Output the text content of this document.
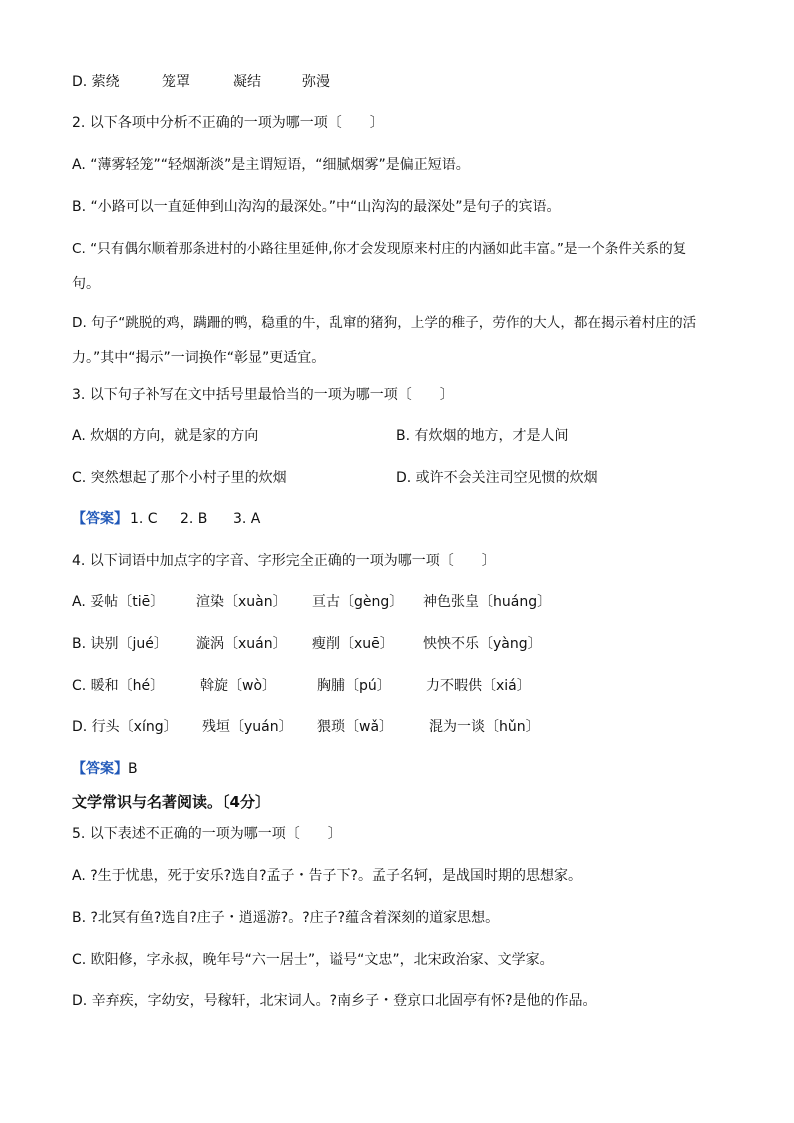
D. 萦绕	笼罩	凝结	弥漫
2. 以下各项中分析不正确的一项为哪一项〔　　〕
A. “薄雾轻笼”“轻烟渐淡”是主谓短语，“细腻烟雾”是偏正短语。
B. “小路可以一直延伸到山沟沟的最深处。”中“山沟沟的最深处”是句子的宾语。
C. “只有偶尔顺着那条进村的小路往里延伸,你才会发现原来村庄的内涵如此丰富。”是一个条件关系的复
句。
D. 句子“跳脱的鸡，蹒跚的鸭，稳重的牛，乱窜的猪狗，上学的稚子，劳作的大人，都在揭示着村庄的活
力。”其中“揭示”一词换作“彰显”更适宜。
3. 以下句子补写在文中括号里最恰当的一项为哪一项〔　　〕
A. 炊烟的方向，就是家的方向	B. 有炊烟的地方，才是人间
C. 突然想起了那个小村子里的炊烟	D. 或许不会关注司空见惯的炊烟
【答案】 1. C 2. B 3. A
4. 以下词语中加点字的字音、字形完全正确的一项为哪一项〔　　〕
A. 妥帖〔tiē〕 渲染〔xuàn〕 亘古〔gèng〕 神色张皇〔huáng〕
B. 诀别〔jué〕 漩涡〔xuán〕 瘦削〔xuē〕 怏怏不乐〔yàng〕
C. 暖和〔hé〕	斡旋〔wò〕	胸脯〔pú〕	力不暇供〔xiá〕
D. 行头〔xíng〕 残垣〔yuán〕 猥琐〔wǎ〕	混为一谈〔hǔn〕
【答案】 B
文学常识与名著阅读。〔4分〕
5. 以下表述不正确的一项为哪一项〔　　〕
A. ?生于忧患，死于安乐?选自?孟子・告子下?。孟子名轲，是战国时期的思想家。
B. ?北冥有鱼?选自?庄子・逍遥游?。?庄子?蕴含着深刻的道家思想。
C. 欧阳修，字永叔，晚年号“六一居士”，谥号“文忠”，北宋政治家、文学家。
D. 辛弃疾，字幼安，号稼轩，北宋词人。?南乡子・登京口北固亭有怀?是他的作品。
